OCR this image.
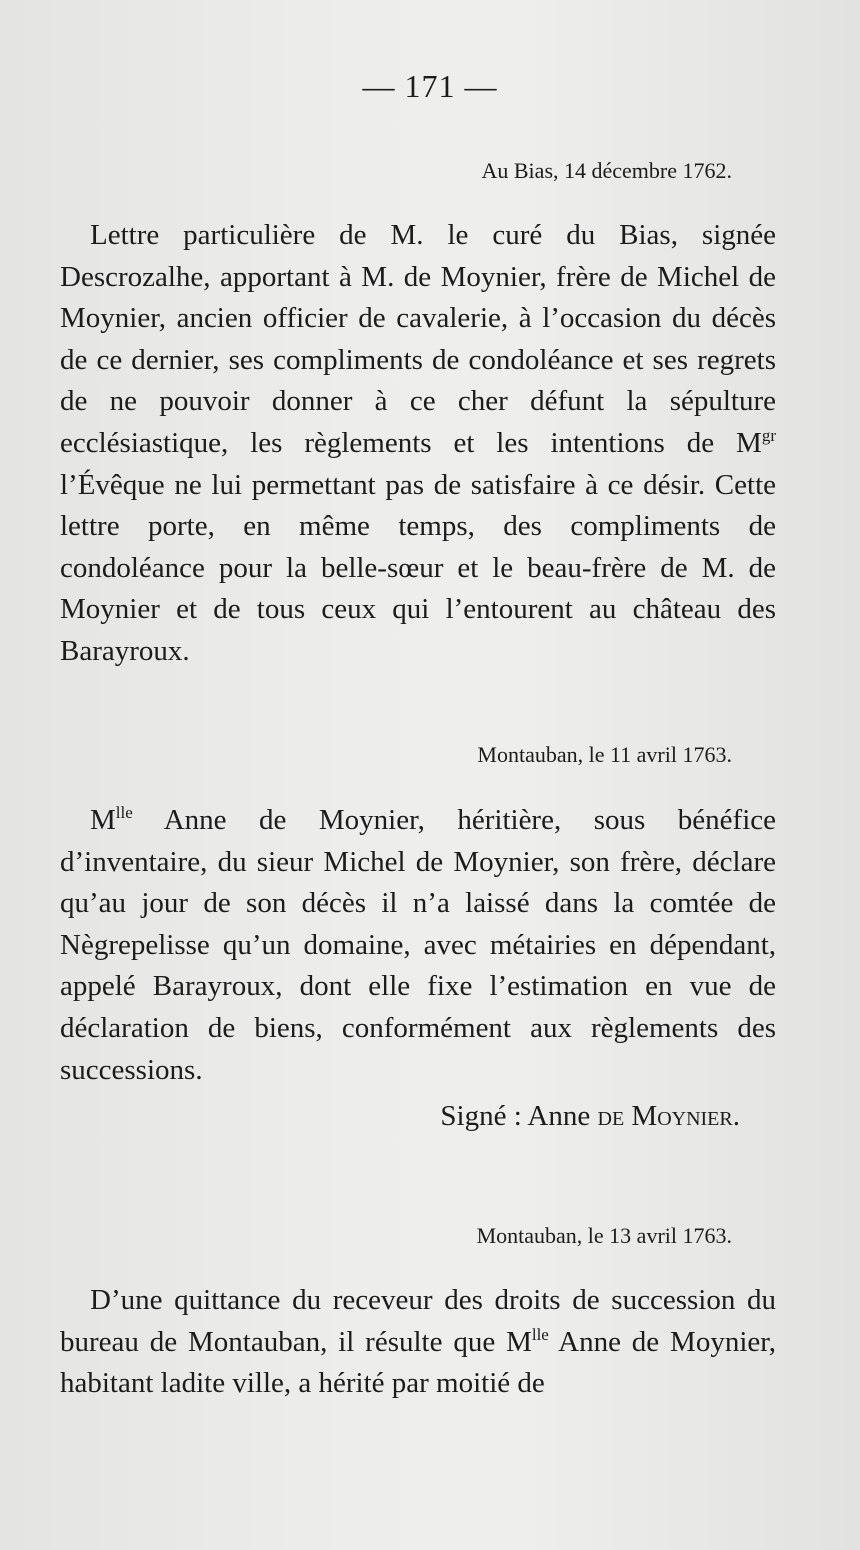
— 171 —
Au Bias, 14 décembre 1762.

Lettre particulière de M. le curé du Bias, signée Descrozalhe, apportant à M. de Moynier, frère de Michel de Moynier, ancien officier de cavalerie, à l’occasion du décès de ce dernier, ses compliments de condoléance et ses regrets de ne pouvoir donner à ce cher défunt la sépulture ecclésiastique, les règlements et les intentions de $M^{gr}$ l’Évêque ne lui permettant pas de satisfaire à ce désir. Cette lettre porte, en même temps, des compliments de condoléance pour la belle-sœur et le beau-frère de M. de Moynier et de tous ceux qui l’entourent au château des Barayroux.

Montauban, le 11 avril 1763.

$M^{lle}$ Anne de Moynier, héritière, sous bénéfice d’inventaire, du sieur Michel de Moynier, son frère, déclare qu’au jour de son décès il n’a laissé dans la comtée de Nègrepelisse qu’un domaine, avec métairies en dépendant, appelé Barayroux, dont elle fixe l’estimation en vue de déclaration de biens, conformément aux règlements des successions.

Signé : Anne de Moynier.
Montauban, le 13 avril 1763.

D’une quittance du receveur des droits de succession du bureau de Montauban, il résulte que $M^{lle}$ Anne de Moynier, habitant ladite ville, a hérité par moitié de
